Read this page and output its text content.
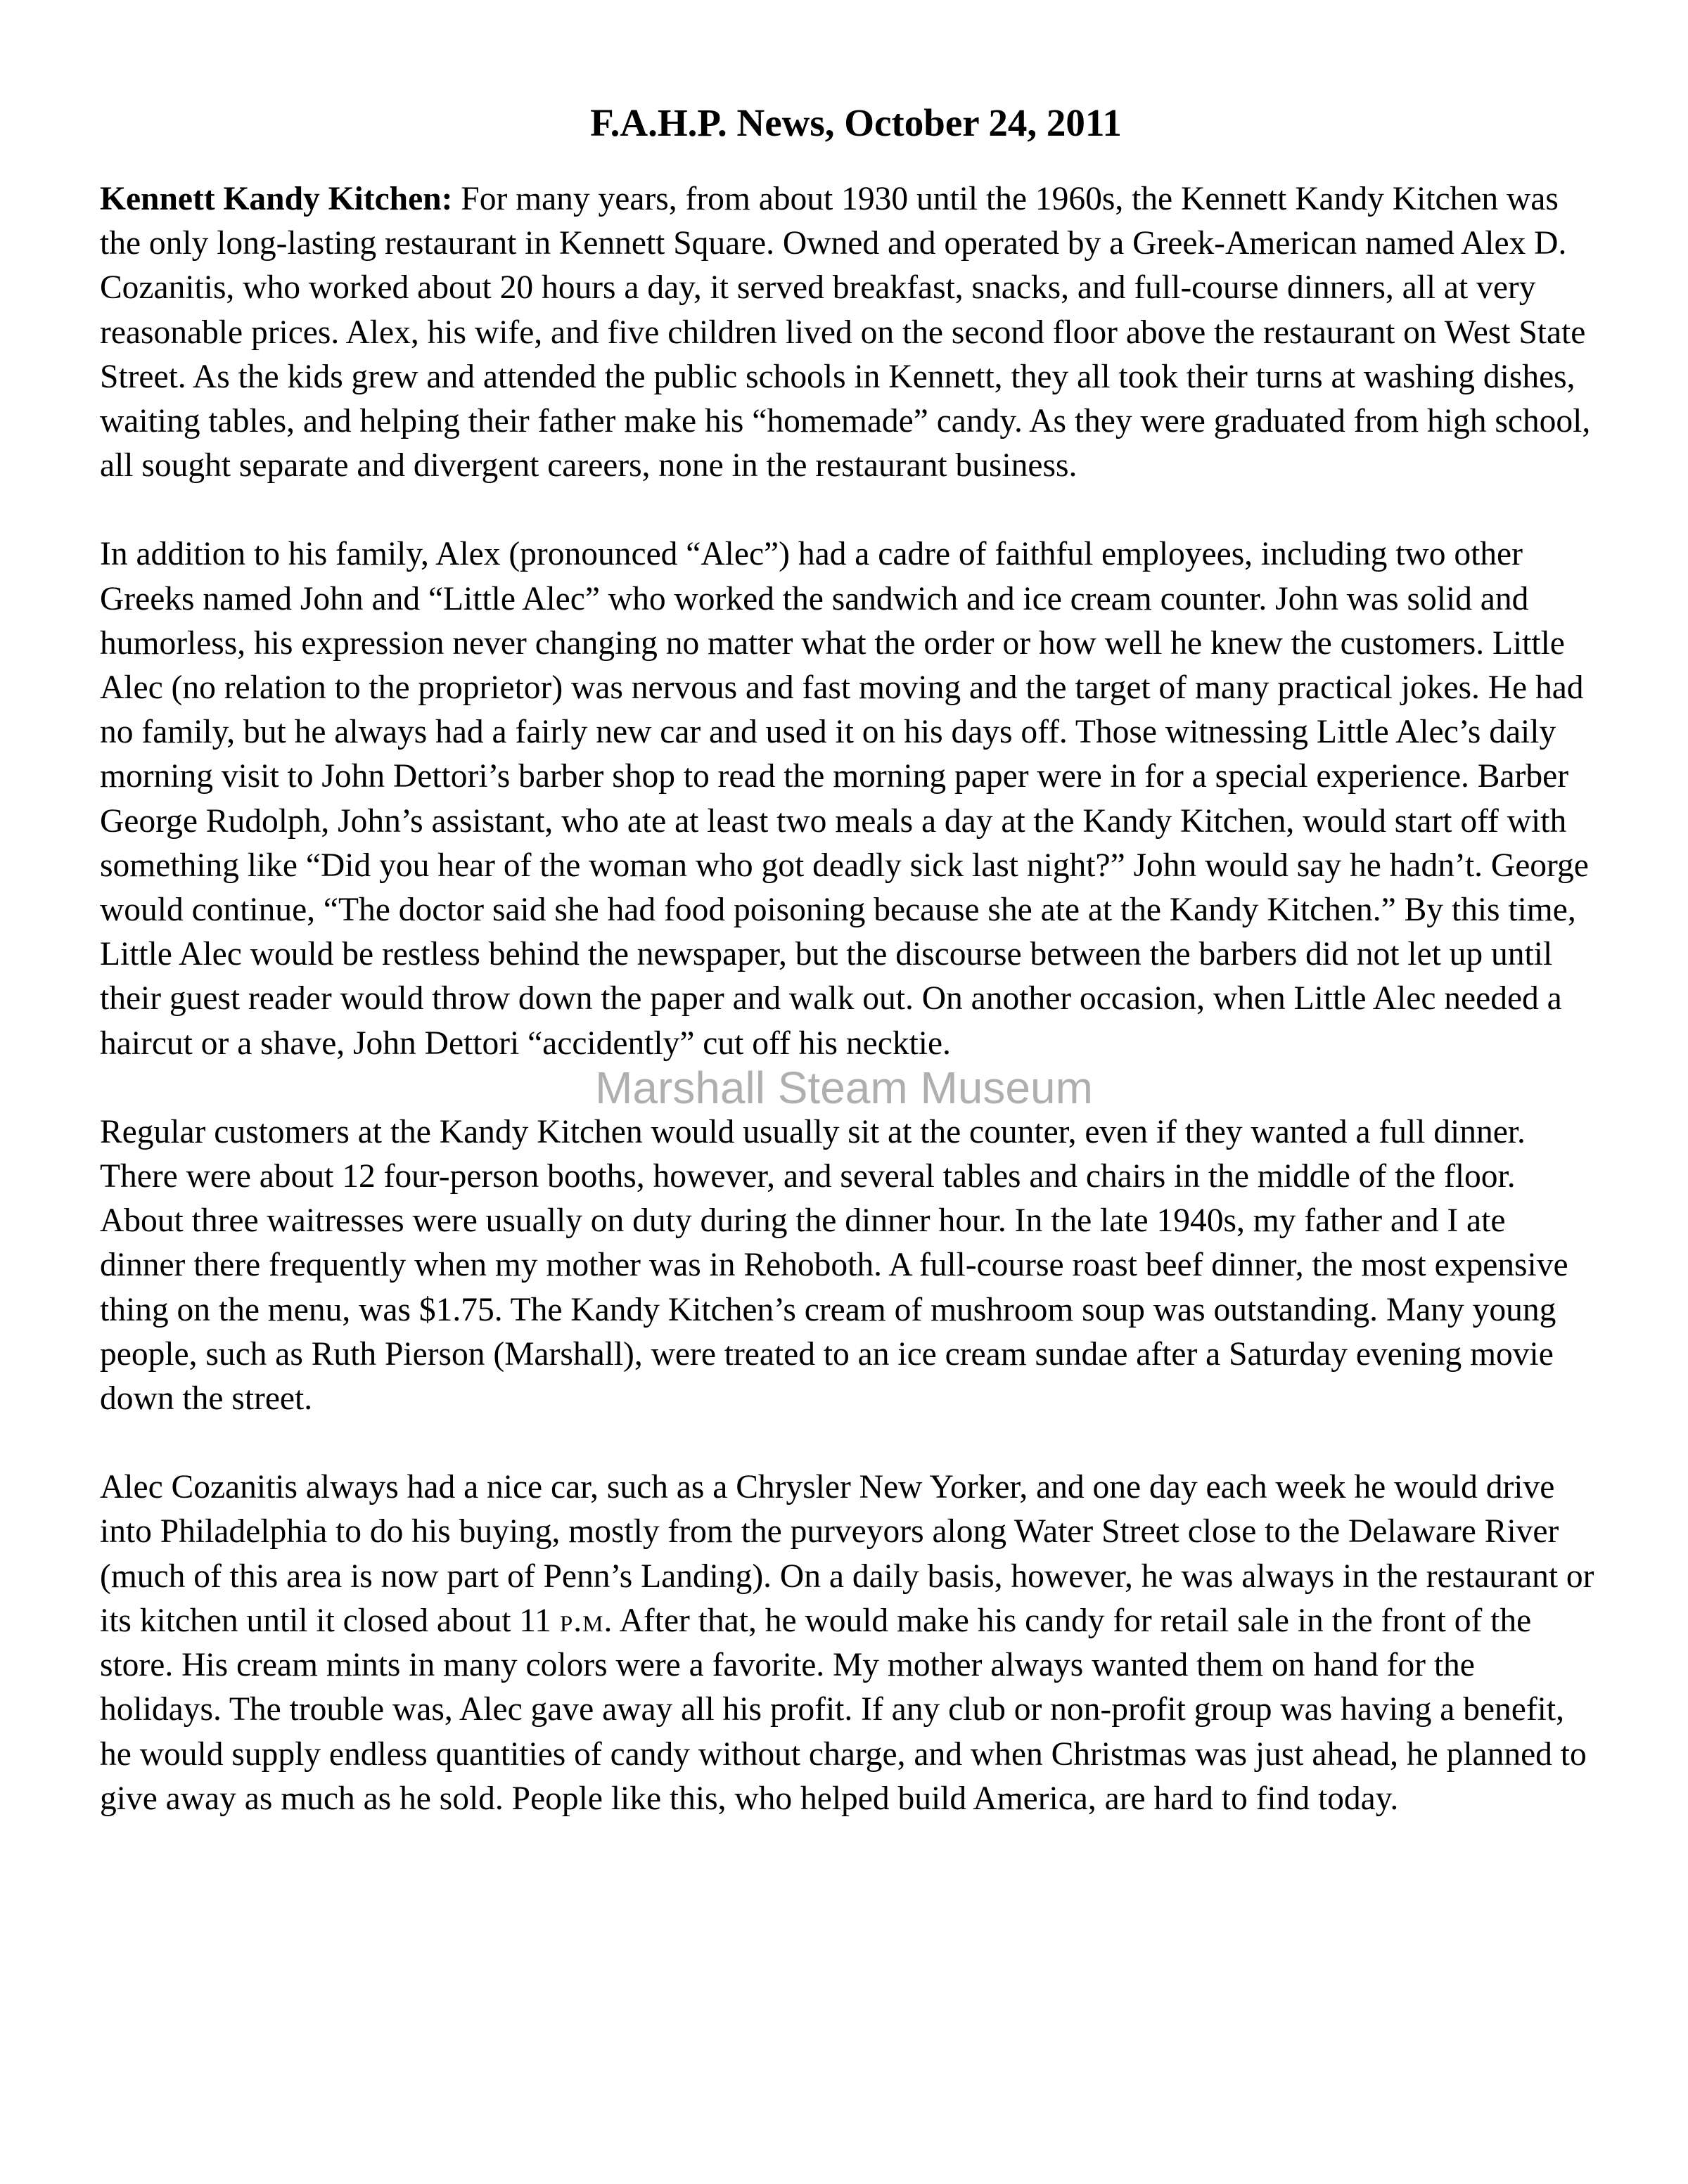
F.A.H.P. News, October 24, 2011

Kennett Kandy Kitchen: For many years, from about 1930 until the 1960s, the Kennett Kandy Kitchen was the only long-lasting restaurant in Kennett Square. Owned and operated by a Greek-American named Alex D. Cozanitis, who worked about 20 hours a day, it served breakfast, snacks, and full-course dinners, all at very reasonable prices. Alex, his wife, and five children lived on the second floor above the restaurant on West State Street. As the kids grew and attended the public schools in Kennett, they all took their turns at washing dishes, waiting tables, and helping their father make his “homemade” candy. As they were graduated from high school, all sought separate and divergent careers, none in the restaurant business.

In addition to his family, Alex (pronounced “Alec”) had a cadre of faithful employees, including two other Greeks named John and “Little Alec” who worked the sandwich and ice cream counter. John was solid and humorless, his expression never changing no matter what the order or how well he knew the customers. Little Alec (no relation to the proprietor) was nervous and fast moving and the target of many practical jokes. He had no family, but he always had a fairly new car and used it on his days off. Those witnessing Little Alec’s daily morning visit to John Dettori’s barber shop to read the morning paper were in for a special experience. Barber George Rudolph, John’s assistant, who ate at least two meals a day at the Kandy Kitchen, would start off with something like “Did you hear of the woman who got deadly sick last night?” John would say he hadn’t. George would continue, “The doctor said she had food poisoning because she ate at the Kandy Kitchen.” By this time, Little Alec would be restless behind the newspaper, but the discourse between the barbers did not let up until their guest reader would throw down the paper and walk out. On another occasion, when Little Alec needed a haircut or a shave, John Dettori “accidently” cut off his necktie.

Regular customers at the Kandy Kitchen would usually sit at the counter, even if they wanted a full dinner. There were about 12 four-person booths, however, and several tables and chairs in the middle of the floor. About three waitresses were usually on duty during the dinner hour. In the late 1940s, my father and I ate dinner there frequently when my mother was in Rehoboth. A full-course roast beef dinner, the most expensive thing on the menu, was $1.75. The Kandy Kitchen’s cream of mushroom soup was outstanding. Many young people, such as Ruth Pierson (Marshall), were treated to an ice cream sundae after a Saturday evening movie down the street.

Alec Cozanitis always had a nice car, such as a Chrysler New Yorker, and one day each week he would drive into Philadelphia to do his buying, mostly from the purveyors along Water Street close to the Delaware River (much of this area is now part of Penn’s Landing). On a daily basis, however, he was always in the restaurant or its kitchen until it closed about 11 p.m. After that, he would make his candy for retail sale in the front of the store. His cream mints in many colors were a favorite. My mother always wanted them on hand for the holidays. The trouble was, Alec gave away all his profit. If any club or non-profit group was having a benefit, he would supply endless quantities of candy without charge, and when Christmas was just ahead, he planned to give away as much as he sold. People like this, who helped build America, are hard to find today.

Marshall Steam Museum
